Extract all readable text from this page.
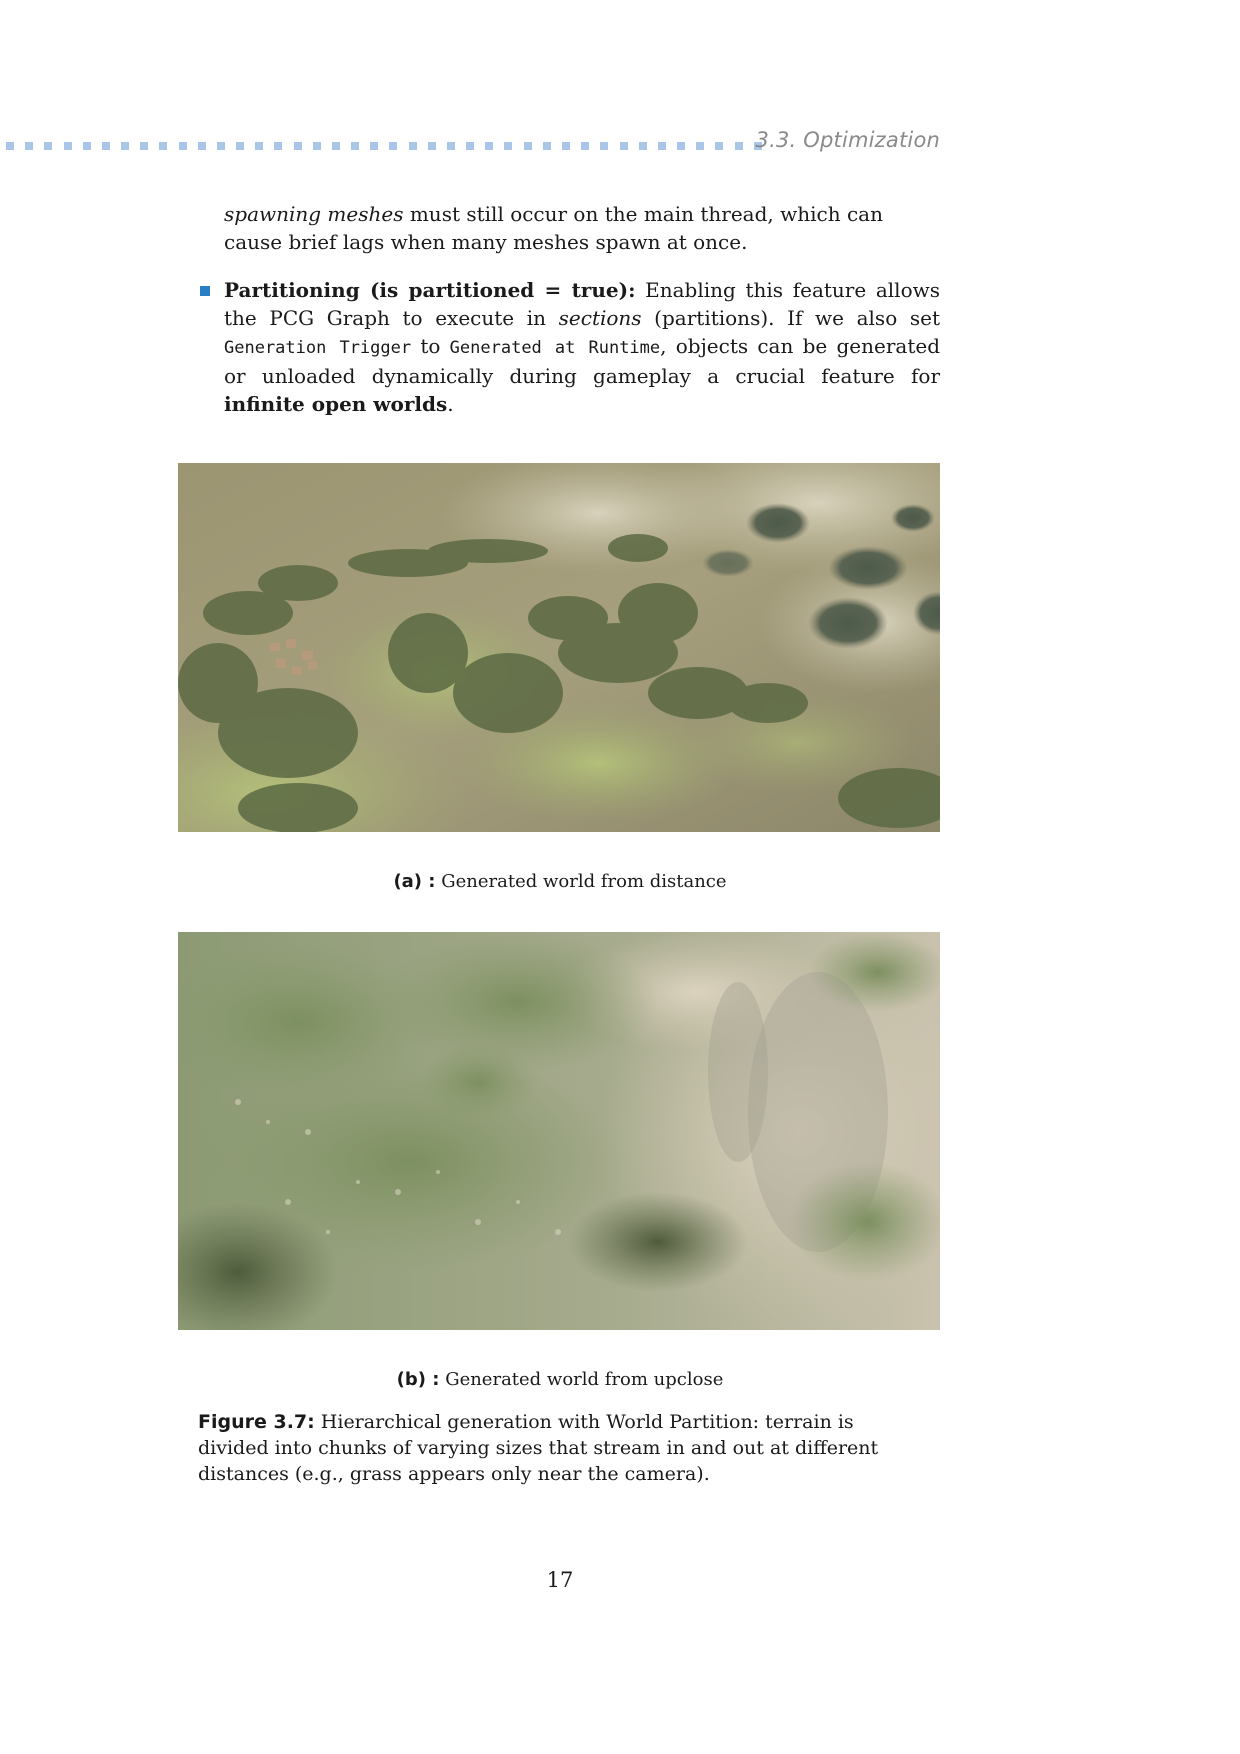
3.3. Optimization

spawning meshes must still occur on the main thread, which can cause brief lags when many meshes spawn at once.

Partitioning (is partitioned = true): Enabling this feature allows the PCG Graph to execute in sections (partitions). If we also set Generation Trigger to Generated at Runtime, objects can be generated or unloaded dynamically during gameplay a crucial feature for infinite open worlds.

(a) : Generated world from distance
(b) : Generated world from upclose

Figure 3.7: Hierarchical generation with World Partition: terrain is divided into chunks of varying sizes that stream in and out at different distances (e.g., grass appears only near the camera).

17
